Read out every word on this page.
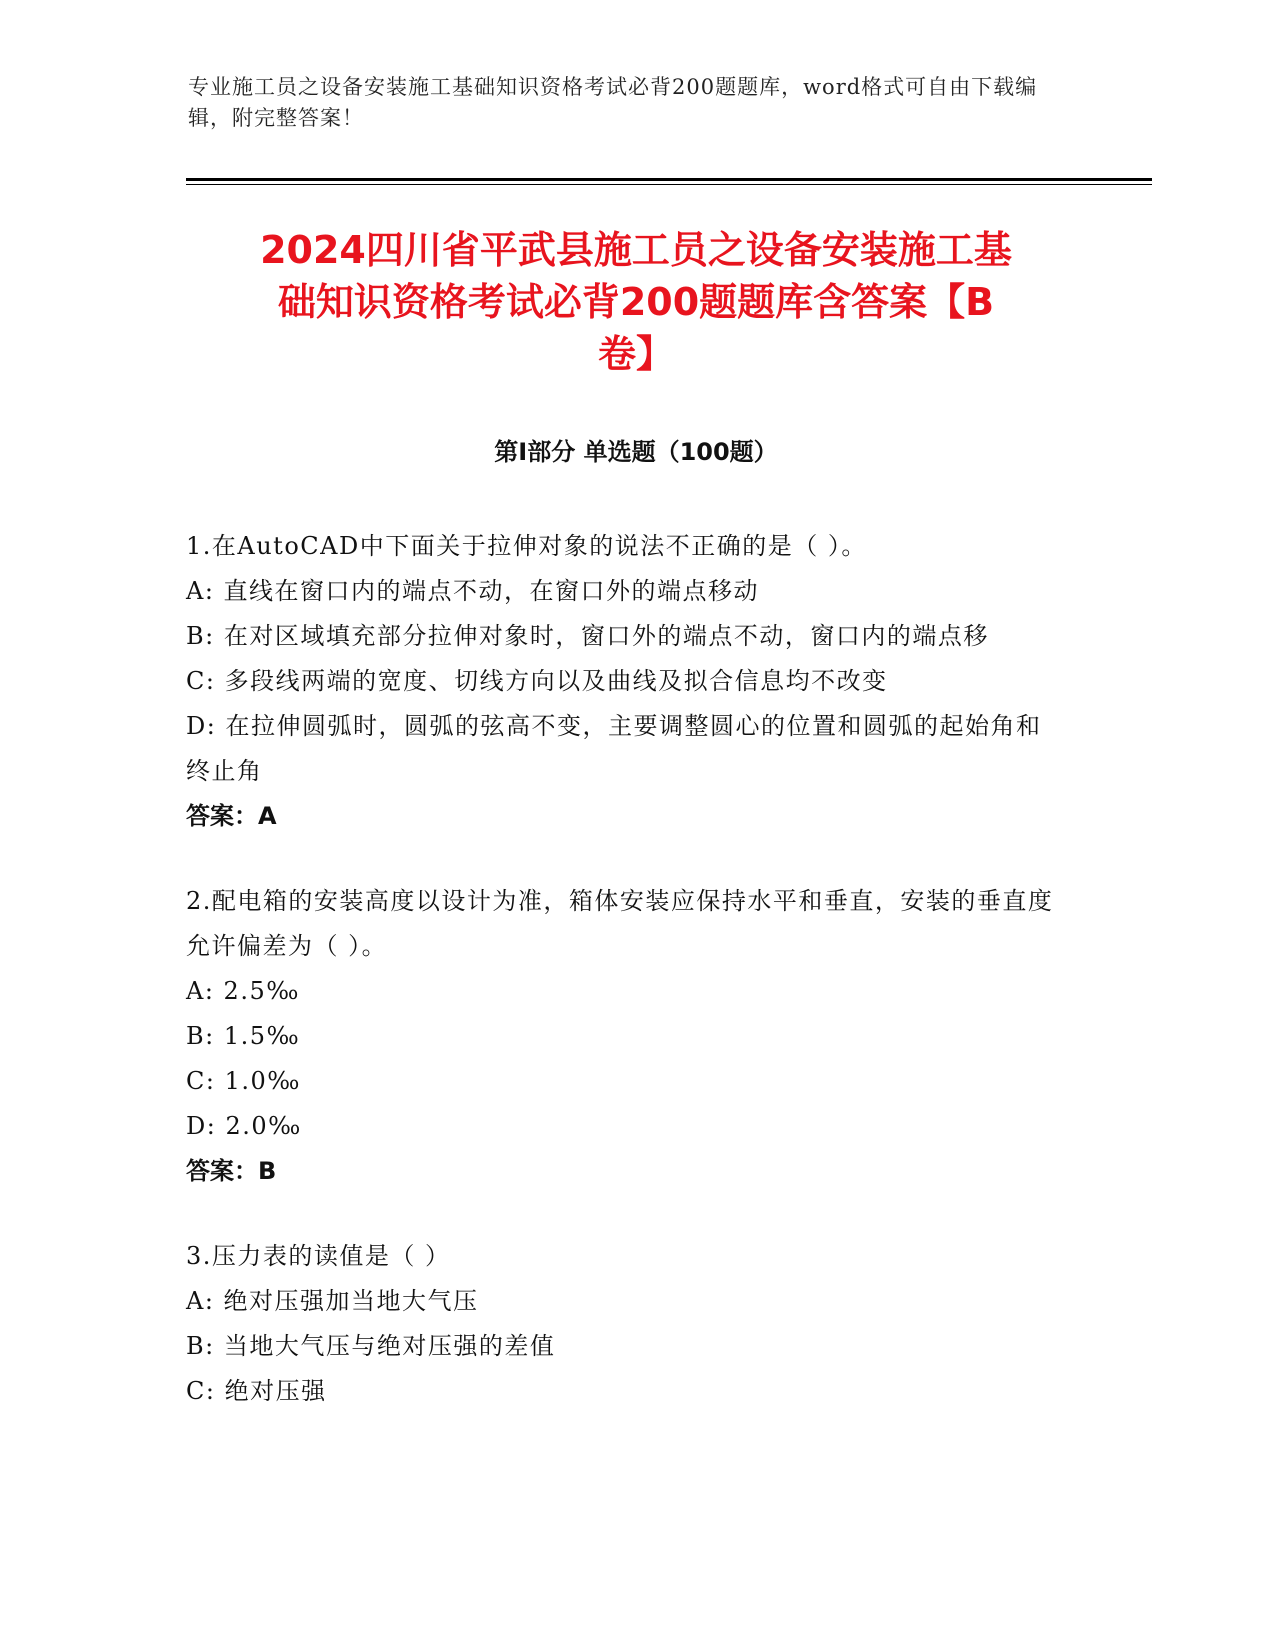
专业施工员之设备安装施工基础知识资格考试必背200题题库，word格式可自由下载编辑，附完整答案！
2024四川省平武县施工员之设备安装施工基
础知识资格考试必背200题题库含答案【B
卷】
第I部分 单选题（100题）
1.在AutoCAD中下面关于拉伸对象的说法不正确的是（ ）。
A: 直线在窗口内的端点不动，在窗口外的端点移动
B: 在对区域填充部分拉伸对象时，窗口外的端点不动，窗口内的端点移
C: 多段线两端的宽度、切线方向以及曲线及拟合信息均不改变
D: 在拉伸圆弧时，圆弧的弦高不变，主要调整圆心的位置和圆弧的起始角和终止角
答案：A
2.配电箱的安装高度以设计为准，箱体安装应保持水平和垂直，安装的垂直度允许偏差为（ ）。
A: 2.5‰
B: 1.5‰
C: 1.0‰
D: 2.0‰
答案：B
3.压力表的读值是（ ）
A: 绝对压强加当地大气压
B: 当地大气压与绝对压强的差值
C: 绝对压强
